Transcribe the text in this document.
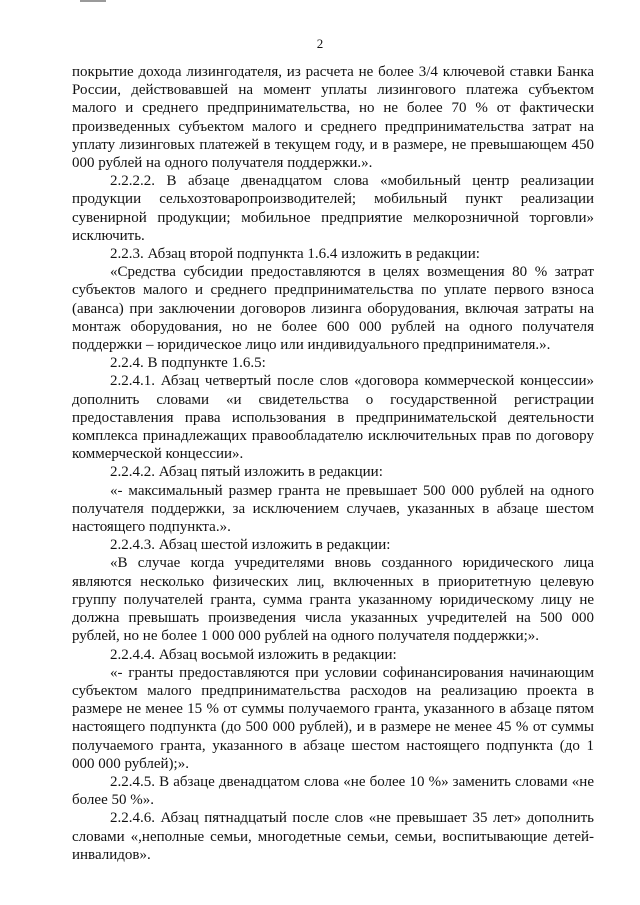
2

покрытие дохода лизингодателя, из расчета не более 3/4 ключевой ставки Банка России, действовавшей на момент уплаты лизингового платежа субъектом малого и среднего предпринимательства, но не более 70 % от фактически произведенных субъектом малого и среднего предпринимательства затрат на уплату лизинговых платежей в текущем году, и в размере, не превышающем 450 000 рублей на одного получателя поддержки.».

2.2.2.2. В абзаце двенадцатом слова «мобильный центр реализации продукции сельхозтоваропроизводителей; мобильный пункт реализации сувенирной продукции; мобильное предприятие мелкорозничной торговли» исключить.

2.2.3. Абзац второй подпункта 1.6.4 изложить в редакции:

«Средства субсидии предоставляются в целях возмещения 80 % затрат субъектов малого и среднего предпринимательства по уплате первого взноса (аванса) при заключении договоров лизинга оборудования, включая затраты на монтаж оборудования, но не более 600 000 рублей на одного получателя поддержки – юридическое лицо или индивидуального предпринимателя.».

2.2.4. В подпункте 1.6.5:

2.2.4.1. Абзац четвертый после слов «договора коммерческой концессии» дополнить словами «и свидетельства о государственной регистрации предоставления права использования в предпринимательской деятельности комплекса принадлежащих правообладателю исключительных прав по договору коммерческой концессии».

2.2.4.2. Абзац пятый изложить в редакции:

«- максимальный размер гранта не превышает 500 000 рублей на одного получателя поддержки, за исключением случаев, указанных в абзаце шестом настоящего подпункта.».

2.2.4.3. Абзац шестой изложить в редакции:

«В случае когда учредителями вновь созданного юридического лица являются несколько физических лиц, включенных в приоритетную целевую группу получателей гранта, сумма гранта указанному юридическому лицу не должна превышать произведения числа указанных учредителей на 500 000 рублей, но не более 1 000 000 рублей на одного получателя поддержки;».

2.2.4.4. Абзац восьмой изложить в редакции:

«- гранты предоставляются при условии софинансирования начинающим субъектом малого предпринимательства расходов на реализацию проекта в размере не менее 15 % от суммы получаемого гранта, указанного в абзаце пятом настоящего подпункта (до 500 000 рублей), и в размере не менее 45 % от суммы получаемого гранта, указанного в абзаце шестом настоящего подпункта (до 1 000 000 рублей);».

2.2.4.5. В абзаце двенадцатом слова «не более 10 %» заменить словами «не более 50 %».

2.2.4.6. Абзац пятнадцатый после слов «не превышает 35 лет» дополнить словами «,неполные семьи, многодетные семьи, семьи, воспитывающие детей-инвалидов».
